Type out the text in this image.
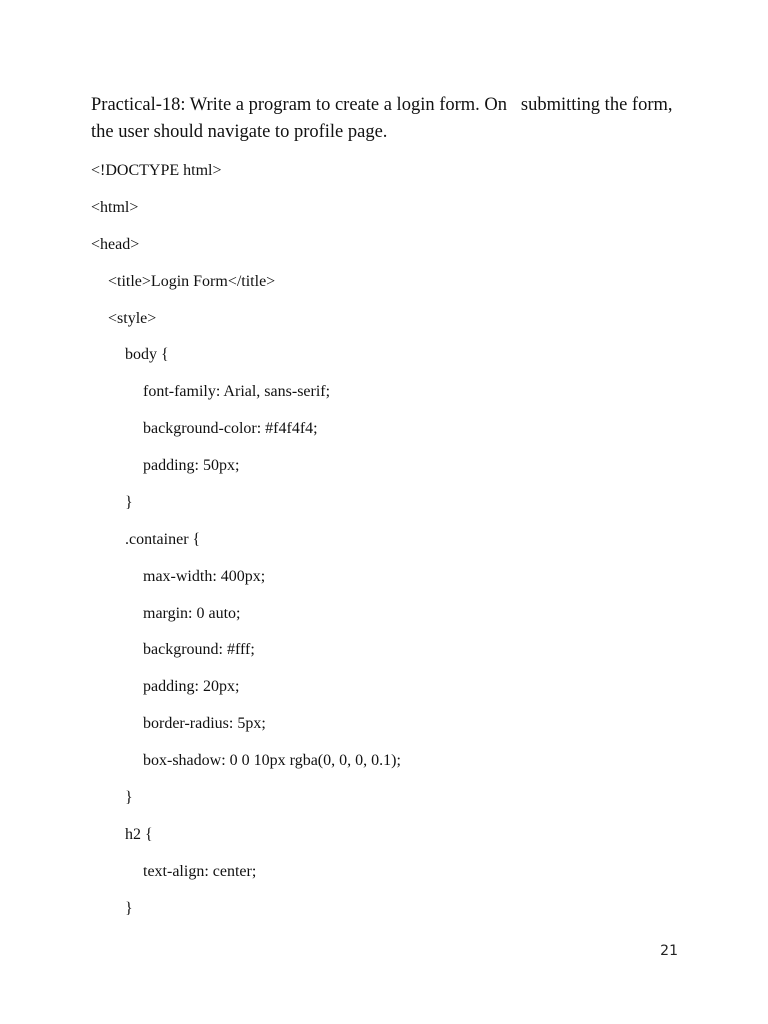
Practical-18: Write a program to create a login form. On   submitting the form, the user should navigate to profile page.

<!DOCTYPE html>

<html>

<head>

<title>Login Form</title>

<style>

body {

font-family: Arial, sans-serif;

background-color: #f4f4f4;

padding: 50px;

}

.container {

max-width: 400px;

margin: 0 auto;

background: #fff;

padding: 20px;

border-radius: 5px;

box-shadow: 0 0 10px rgba(0, 0, 0, 0.1);

}

h2 {

text-align: center;

}

21
